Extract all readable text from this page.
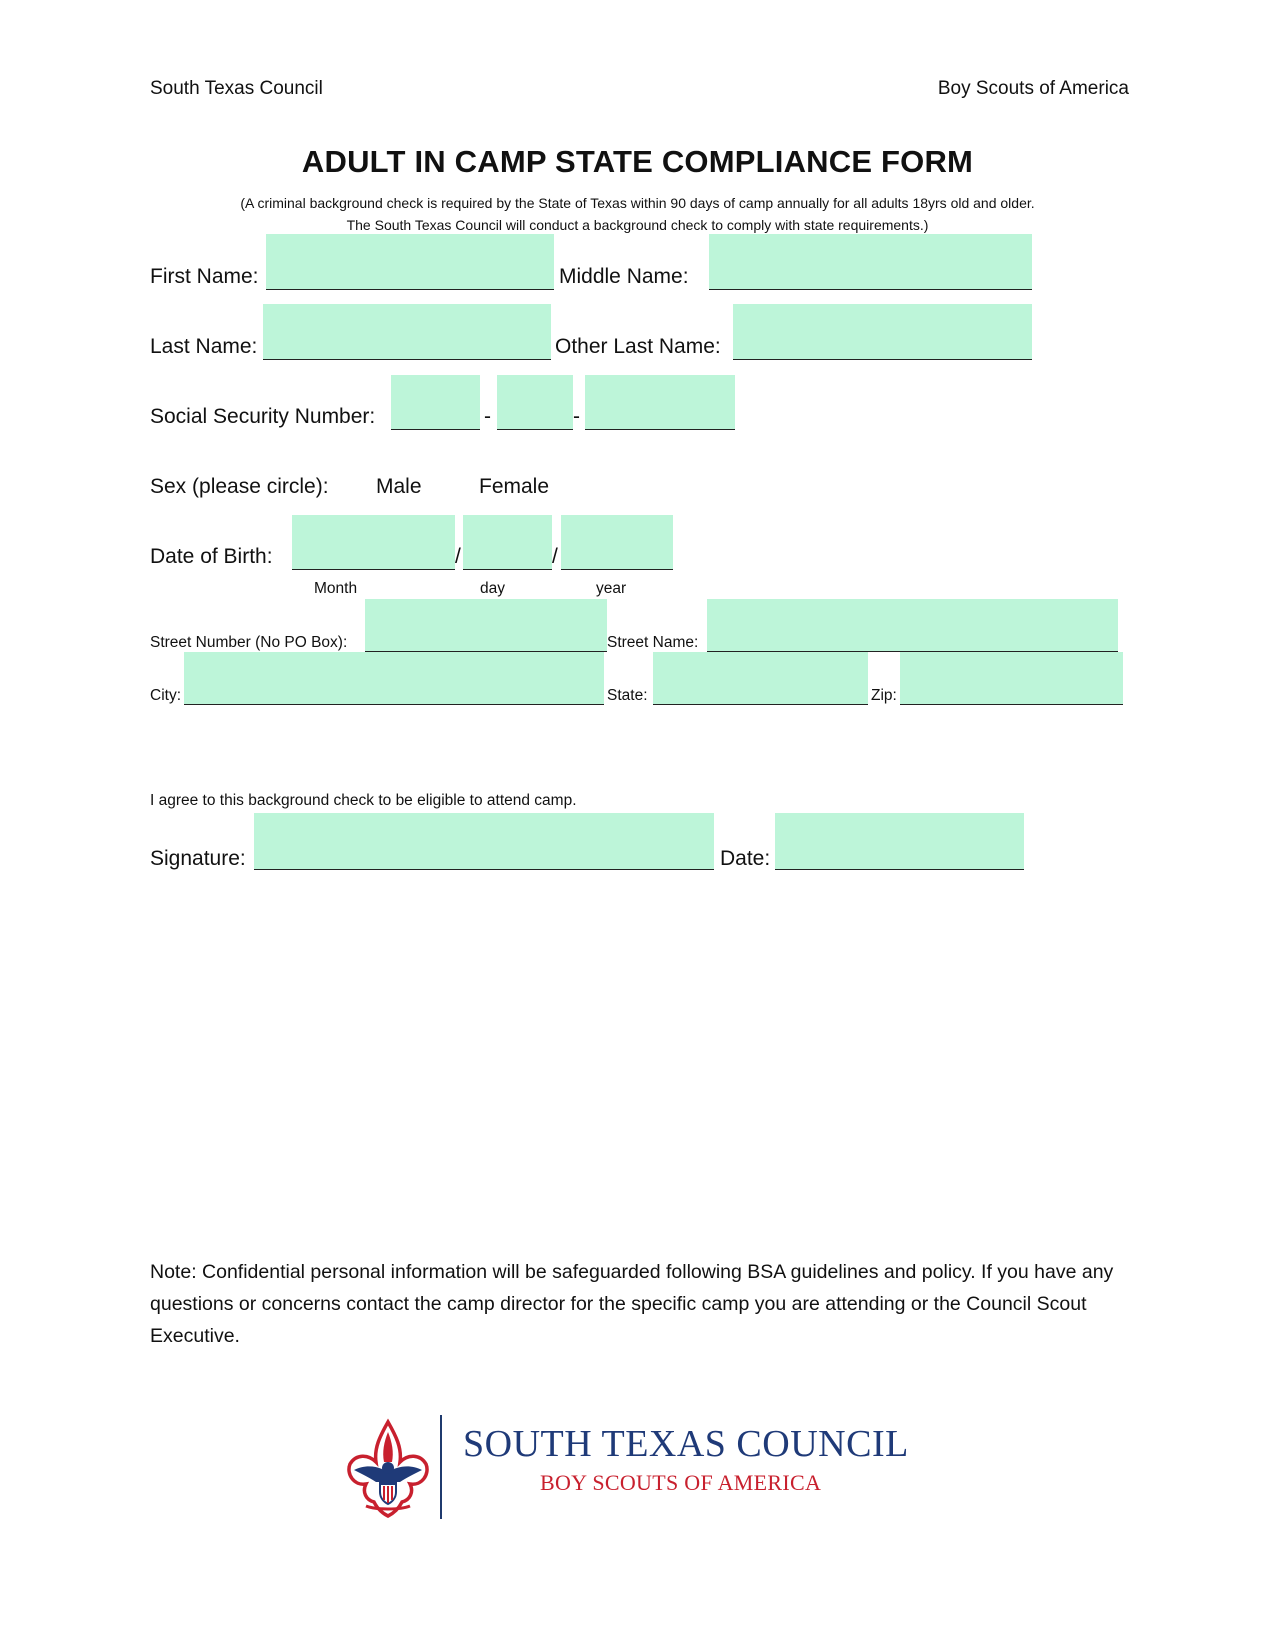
South Texas Council	Boy Scouts of America
ADULT IN CAMP STATE COMPLIANCE FORM
(A criminal background check is required by the State of Texas within 90 days of camp annually for all adults 18yrs old and older.
The South Texas Council will conduct a background check to comply with state requirements.)
First Name:	Middle Name:
Last Name:	Other Last Name:
Social Security Number:	-	-
Sex (please circle): Male	Female
Date of Birth:	/	/
Month	day	year
Street Number (No PO Box):	Street Name:
City:	State:	Zip:
I agree to this background check to be eligible to attend camp.
Signature:	Date:
Note: Confidential personal information will be safeguarded following BSA guidelines and policy. If you have any questions or concerns contact the camp director for the specific camp you are attending or the Council Scout Executive.
SOUTH TEXAS COUNCIL
BOY SCOUTS OF AMERICA
